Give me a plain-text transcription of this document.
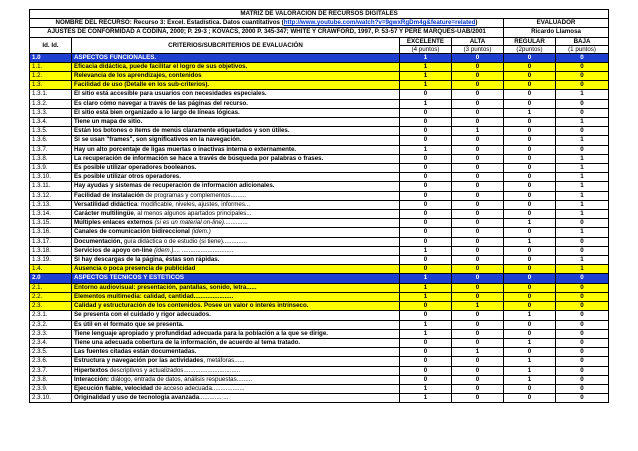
MATRIZ DE VALORACIÓN DE RECURSOS DIGITALES					
NOMBRE DEL RECURSO: Recurso 3: Excel. Estadística. Datos cuantitativos (http://www.youtube.com/watch?v=9gwxRgDm4g&feature=related)				EVALUADOR	
AJUSTES DE CONFORMIDAD A CODINA, 2000; P. 29-3 ; KOVACS, 2000 P. 345-347; WHITE Y CRAWFORD, 1997, P. 53-57 Y PERE MARQUÈS-UAB/2001				Ricardo Llamosa	
Id. Id.	CRITERIOS/SUBCRITERIOS DE EVALUACIÓN	EXCELENTE	ALTA	REGULAR	BAJA
		(4 puntos)	(3 puntos)	(2puntos)	(1 puntos)
1.0	ASPECTOS FUNCIONALES.	1	0	0	0
1.1.	Eficacia didáctica, puede facilitar el logro de sus objetivos.	1	0	0	0
1.2.	Relevancia de los aprendizajes, contenidos	1	0	0	0
1.3.	Facilidad de uso (Detalle en los sub-criterios).	1	0	0	0
1.3.1.	El sitio está accesible para usuarios con necesidades especiales.	0	0	0	1
1.3.2.	Es claro cómo navegar a través de las páginas del recurso.	1	0	0	0
1.3.3.	El sitio está bien organizado a lo largo de líneas lógicas.	0	0	1	0
1.3.4.	Tiene un mapa de sitio.	0	0	0	1
1.3.5.	Están los botones o ítems de menús claramente etiquetados y son útiles.	0	1	0	0
1.3.6.	Si se usan "frames", son significativos en la navegación.	0	0	0	1
1.3.7.	Hay un alto porcentaje de ligas muertas o inactivas interna o externamente.	1	0	0	0
1.3.8.	La recuperación de información se hace a través de búsqueda por palabras o frases.	0	0	0	1
1.3.9.	Es posible utilizar operadores booleanos.	0	0	0	1
1.3.10.	Es posible utilizar otros operadores.	0	0	0	1
1.3.11.	Hay ayudas y sistemas de recuperación de información adicionales.	0	0	0	1
1.3.12.	Facilidad de instalación de programas y complementos.........	0	0	0	1
1.3.13.	Versatilidad didáctica: modificable, niveles, ajustes, informes...	0	0	0	1
1.3.14.	Carácter multilingüe, al menos algunos apartados principales...	0	0	0	1
1.3.15.	Múltiples enlaces externos (si es un material on-line)..............	0	0	1	0
1.3.16.	Canales de comunicación bidireccional (idem.)	0	0	0	1
1.3.17.	Documentación, guía didáctica o de estudio (si tiene)..............	0	0	1	0
1.3.18.	Servicios de apoyo on-line (idem.).... ..............................	1	0	0	0
1.3.19.	Si hay descargas de la página, éstas son rápidas.	0	0	0	1
1.4.	Ausencia o poca presencia de publicidad	0	0	0	1
2.0	ASPECTOS TÉCNICOS Y ESTÉTICOS	1	0	0	0
2.1.	Entorno audiovisual: presentación, pantallas, sonido, letra......	1	0	0	0
2.2.	Elementos multimedia: calidad, cantidad.......................	1	0	0	0
2.3.	Calidad y estructuración de los contenidos. Posee un valor o interés intrínseco.	0	1	0	0
2.3.1.	Se presenta con el cuidado y rigor adecuados.	0	0	1	0
2.3.2.	Es útil en el formato que se presenta.	1	0	0	0
2.3.3.	Tiene lenguaje apropiado y profundidad adecuada para la población a la que se dirige.	1	0	0	0
2.3.4.	Tiene una adecuada cobertura de la información, de acuerdo al tema tratado.	0	0	1	0
2.3.5.	Las fuentes citadas están documentadas.	0	1	0	0
2.3.6.	Estructura y navegación por las actividades, metáforas......	0	0	1	0
2.3.7.	Hipertextos descriptivos y actualizados.................................	0	0	1	0
2.3.8.	Interacción: diálogo, entrada de datos, análisis respuestas.........	0	0	1	0
2.3.9.	Ejecución fiable, velocidad de acceso adecuada...................	1	0	0	0
2.3.10.	Originalidad y uso de tecnología avanzada............. ...	1	0	0	0
